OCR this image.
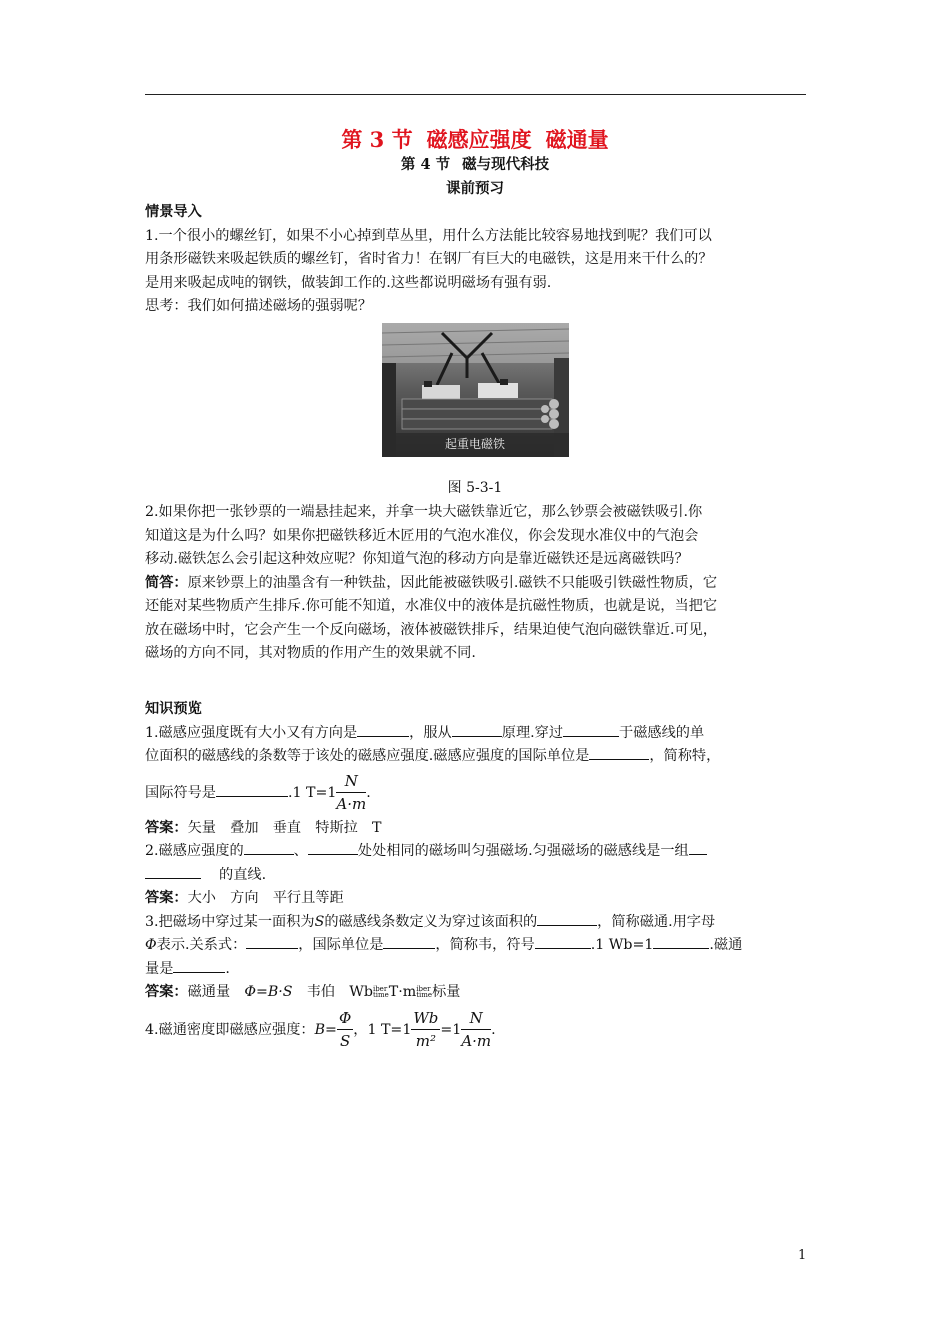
第 3 节 磁感应强度 磁通量
第 4 节 磁与现代科技
课前预习

情景导入

1.一个很小的螺丝钉，如果不小心掉到草丛里，用什么方法能比较容易地找到呢？我们可以

用条形磁铁来吸起铁质的螺丝钉，省时省力！在钢厂有巨大的电磁铁，这是用来干什么的？

是用来吸起成吨的钢铁，做装卸工作的.这些都说明磁场有强有弱.

思考：我们如何描述磁场的强弱呢？

起重电磁铁
图 5-3-1

2.如果你把一张钞票的一端悬挂起来，并拿一块大磁铁靠近它，那么钞票会被磁铁吸引.你

知道这是为什么吗？如果你把磁铁移近木匠用的气泡水准仪，你会发现水准仪中的气泡会

移动.磁铁怎么会引起这种效应呢？你知道气泡的移动方向是靠近磁铁还是远离磁铁吗？

简答：原来钞票上的油墨含有一种铁盐，因此能被磁铁吸引.磁铁不只能吸引铁磁性物质，它

还能对某些物质产生排斥.你可能不知道，水准仪中的液体是抗磁性物质，也就是说，当把它

放在磁场中时，它会产生一个反向磁场，液体被磁铁排斥，结果迫使气泡向磁铁靠近.可见，

磁场的方向不同，其对物质的作用产生的效果就不同.

知识预览

1.磁感应强度既有大小又有方向是	，服从	原理.穿过	于磁感线的单

位面积的磁感线的条数等于该处的磁感应强度.磁感应强度的国际单位是	，简称特，

国际符号是	.1 $T=1 \frac{N}{A\cdot m}$ .

答案：矢量　叠加　垂直　特斯拉　T

2.磁感应强度的	、	处处相同的磁场叫匀强磁场.匀强磁场的磁感线是一组

的直线.

答案：大小　方向　平行且等距

3.把磁场中穿过某一面积为S的磁感线条数定义为穿过该面积的	，简称磁通.用字母

Φ表示.关系式：	，国际单位是	，简称韦，符号	.1 Wb=1	.磁通

量是	.

答案：磁通量　Φ=B·S　韦伯　Wbiber
timeT·miber
time标量

4.磁通密度即磁感应强度：$B= \frac{\Phi}{S}$ ，1 $T=1 \frac{Wb}{\text{m²}} =1 \frac{N}{A\cdot m}$ .

1
